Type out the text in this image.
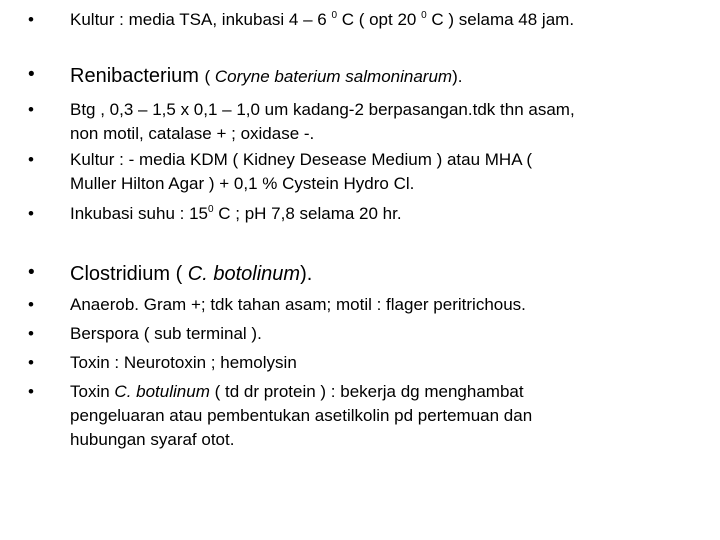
• Kultur : media TSA, inkubasi 4 – 6 $^0$ C ( opt 20 $^0$ C ) selama 48 jam.
• Renibacterium ( Coryne baterium salmoninarum).
• Btg , 0,3 – 1,5 x 0,1 – 1,0 um kadang-2 berpasangan.tdk thn asam,
non motil, catalase + ; oxidase -.
• Kultur : - media KDM ( Kidney Desease Medium ) atau MHA (
Muller Hilton Agar ) + 0,1 % Cystein Hydro Cl.
• Inkubasi suhu : $15^0$ C ; pH 7,8 selama 20 hr.
• Clostridium ( C. botolinum).
• Anaerob. Gram +; tdk tahan asam; motil : flager peritrichous.
• Berspora ( sub terminal ).
• Toxin : Neurotoxin ; hemolysin
• Toxin C. botulinum ( td dr protein ) : bekerja dg menghambat
pengeluaran atau pembentukan asetilkolin pd pertemuan dan
hubungan syaraf otot.
